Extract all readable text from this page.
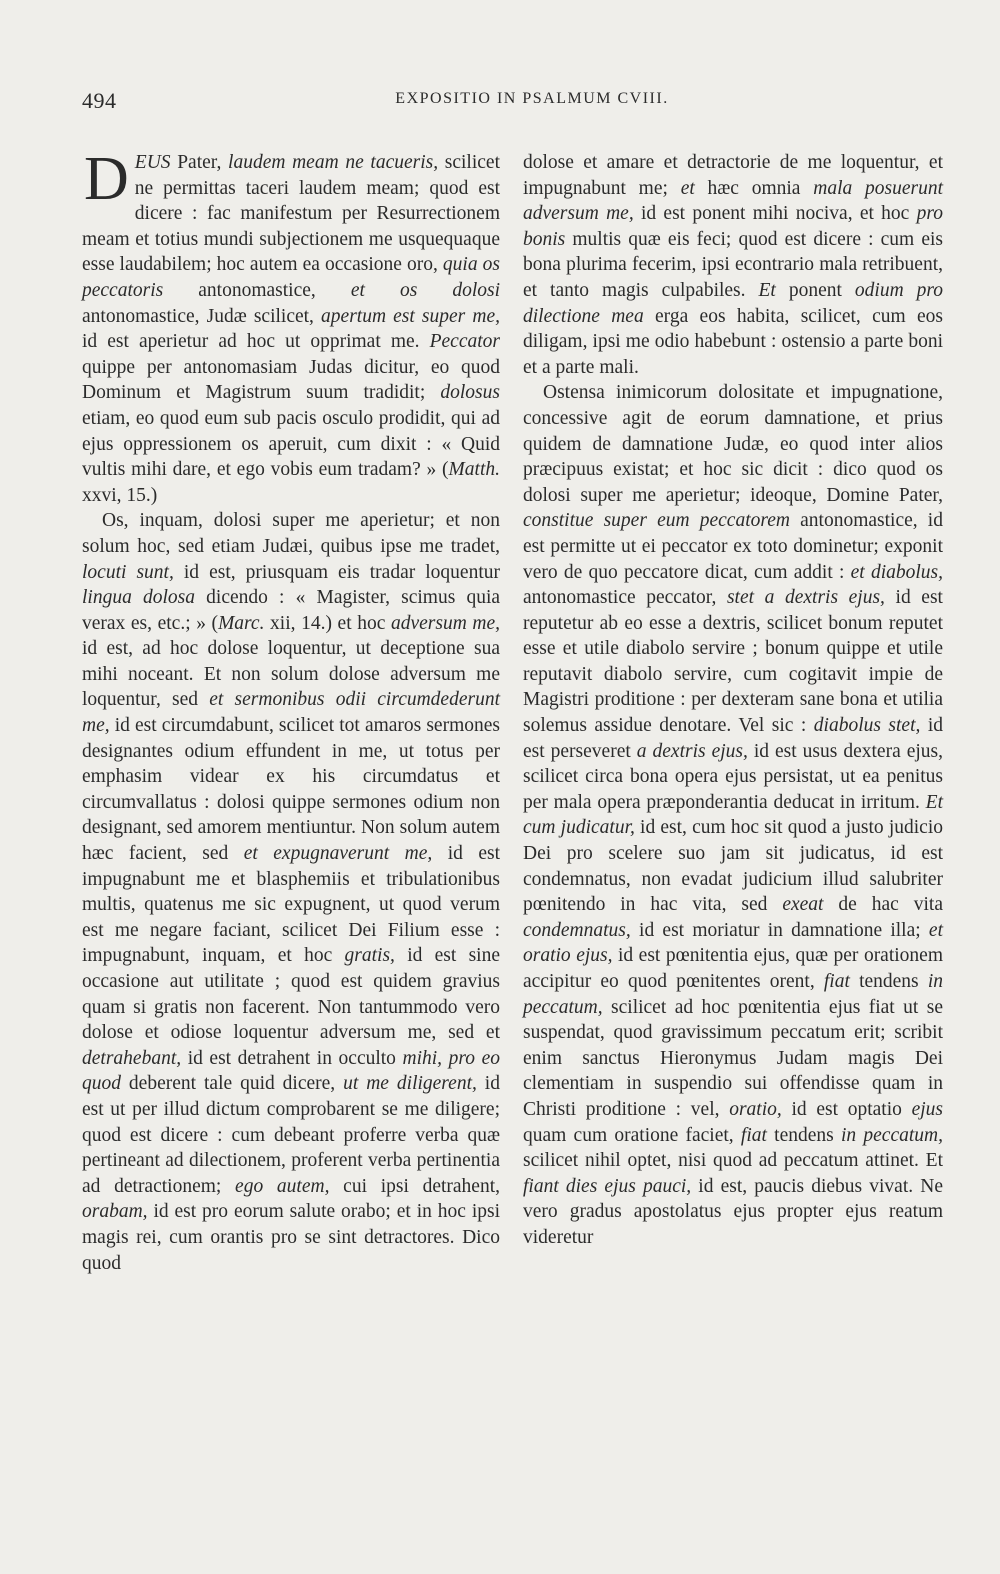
494	EXPOSITIO IN PSALMUM CVIII.

DEUS Pater, laudem meam ne tacueris, scilicet ne permittas taceri laudem meam; quod est dicere : fac manifestum per Resurrectionem meam et totius mundi subjectionem me usquequaque esse laudabilem; hoc autem ea occasione oro, quia os peccatoris antonomastice, et os dolosi antonomastice, Judæ scilicet, apertum est super me, id est aperietur ad hoc ut opprimat me. Peccator quippe per antonomasiam Judas dicitur, eo quod Dominum et Magistrum suum tradidit; dolosus etiam, eo quod eum sub pacis osculo prodidit, qui ad ejus oppressionem os aperuit, cum dixit : « Quid vultis mihi dare, et ego vobis eum tradam? » (Matth. xxvi, 15.)

Os, inquam, dolosi super me aperietur; et non solum hoc, sed etiam Judæi, quibus ipse me tradet, locuti sunt, id est, priusquam eis tradar loquentur lingua dolosa dicendo : « Magister, scimus quia verax es, etc.; » (Marc. xii, 14.) et hoc adversum me, id est, ad hoc dolose loquentur, ut deceptione sua mihi noceant. Et non solum dolose adversum me loquentur, sed et sermonibus odii circumdederunt me, id est circumdabunt, scilicet tot amaros sermones designantes odium effundent in me, ut totus per emphasim videar ex his circumdatus et circumvallatus : dolosi quippe sermones odium non designant, sed amorem mentiuntur. Non solum autem hæc facient, sed et expugnaverunt me, id est impugnabunt me et blasphemiis et tribulationibus multis, quatenus me sic expugnent, ut quod verum est me negare faciant, scilicet Dei Filium esse : impugnabunt, inquam, et hoc gratis, id est sine occasione aut utilitate ; quod est quidem gravius quam si gratis non facerent. Non tantummodo vero dolose et odiose loquentur adversum me, sed et detrahebant, id est detrahent in occulto mihi, pro eo quod deberent tale quid dicere, ut me diligerent, id est ut per illud dictum comprobarent se me diligere; quod est dicere : cum debeant proferre verba quæ pertineant ad dilectionem, proferent verba pertinentia ad detractionem; ego autem, cui ipsi detrahent, orabam, id est pro eorum salute orabo; et in hoc ipsi magis rei, cum orantis pro se sint detractores. Dico quod

dolose et amare et detractorie de me loquentur, et impugnabunt me; et hæc omnia mala posuerunt adversum me, id est ponent mihi nociva, et hoc pro bonis multis quæ eis feci; quod est dicere : cum eis bona plurima fecerim, ipsi econtrario mala retribuent, et tanto magis culpabiles. Et ponent odium pro dilectione mea erga eos habita, scilicet, cum eos diligam, ipsi me odio habebunt : ostensio a parte boni et a parte mali.

Ostensa inimicorum dolositate et impugnatione, concessive agit de eorum damnatione, et prius quidem de damnatione Judæ, eo quod inter alios præcipuus existat; et hoc sic dicit : dico quod os dolosi super me aperietur; ideoque, Domine Pater, constitue super eum peccatorem antonomastice, id est permitte ut ei peccator ex toto dominetur; exponit vero de quo peccatore dicat, cum addit : et diabolus, antonomastice peccator, stet a dextris ejus, id est reputetur ab eo esse a dextris, scilicet bonum reputet esse et utile diabolo servire ; bonum quippe et utile reputavit diabolo servire, cum cogitavit impie de Magistri proditione : per dexteram sane bona et utilia solemus assidue denotare. Vel sic : diabolus stet, id est perseveret a dextris ejus, id est usus dextera ejus, scilicet circa bona opera ejus persistat, ut ea penitus per mala opera præponderantia deducat in irritum. Et cum judicatur, id est, cum hoc sit quod a justo judicio Dei pro scelere suo jam sit judicatus, id est condemnatus, non evadat judicium illud salubriter pœnitendo in hac vita, sed exeat de hac vita condemnatus, id est moriatur in damnatione illa; et oratio ejus, id est pœnitentia ejus, quæ per orationem accipitur eo quod pœnitentes orent, fiat tendens in peccatum, scilicet ad hoc pœnitentia ejus fiat ut se suspendat, quod gravissimum peccatum erit; scribit enim sanctus Hieronymus Judam magis Dei clementiam in suspendio sui offendisse quam in Christi proditione : vel, oratio, id est optatio ejus quam cum oratione faciet, fiat tendens in peccatum, scilicet nihil optet, nisi quod ad peccatum attinet. Et fiant dies ejus pauci, id est, paucis diebus vivat. Ne vero gradus apostolatus ejus propter ejus reatum videretur
